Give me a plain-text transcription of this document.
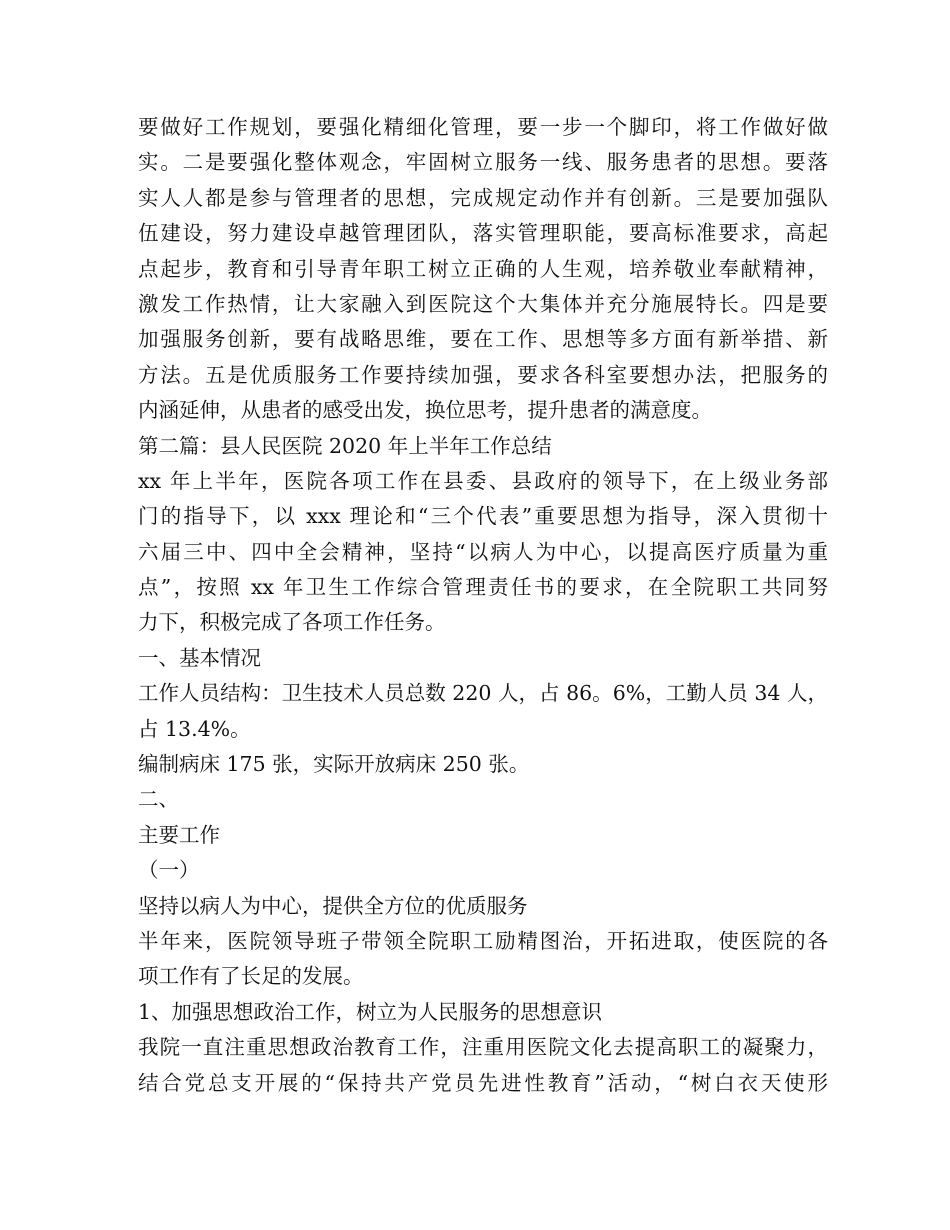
要做好工作规划，要强化精细化管理，要一步一个脚印，将工作做好做
实。二是要强化整体观念，牢固树立服务一线、服务患者的思想。要落
实人人都是参与管理者的思想，完成规定动作并有创新。三是要加强队
伍建设，努力建设卓越管理团队，落实管理职能，要高标准要求，高起
点起步，教育和引导青年职工树立正确的人生观，培养敬业奉献精神，
激发工作热情，让大家融入到医院这个大集体并充分施展特长。四是要
加强服务创新，要有战略思维，要在工作、思想等多方面有新举措、新
方法。五是优质服务工作要持续加强，要求各科室要想办法，把服务的
内涵延伸，从患者的感受出发，换位思考，提升患者的满意度。
第二篇：县人民医院 2020 年上半年工作总结
xx 年上半年，医院各项工作在县委、县政府的领导下，在上级业务部
门的指导下，以 xxx 理论和“三个代表”重要思想为指导，深入贯彻十
六届三中、四中全会精神，坚持“以病人为中心，以提高医疗质量为重
点”，按照 xx 年卫生工作综合管理责任书的要求，在全院职工共同努
力下，积极完成了各项工作任务。
一、基本情况
工作人员结构：卫生技术人员总数 220 人，占 86。6%，工勤人员 34 人，
占 13.4%。
编制病床 175 张，实际开放病床 250 张。
二、
主要工作
（一）
坚持以病人为中心，提供全方位的优质服务
半年来，医院领导班子带领全院职工励精图治，开拓进取，使医院的各
项工作有了长足的发展。
1、加强思想政治工作，树立为人民服务的思想意识
我院一直注重思想政治教育工作，注重用医院文化去提高职工的凝聚力，
结合党总支开展的“保持共产党员先进性教育”活动，“树白衣天使形
